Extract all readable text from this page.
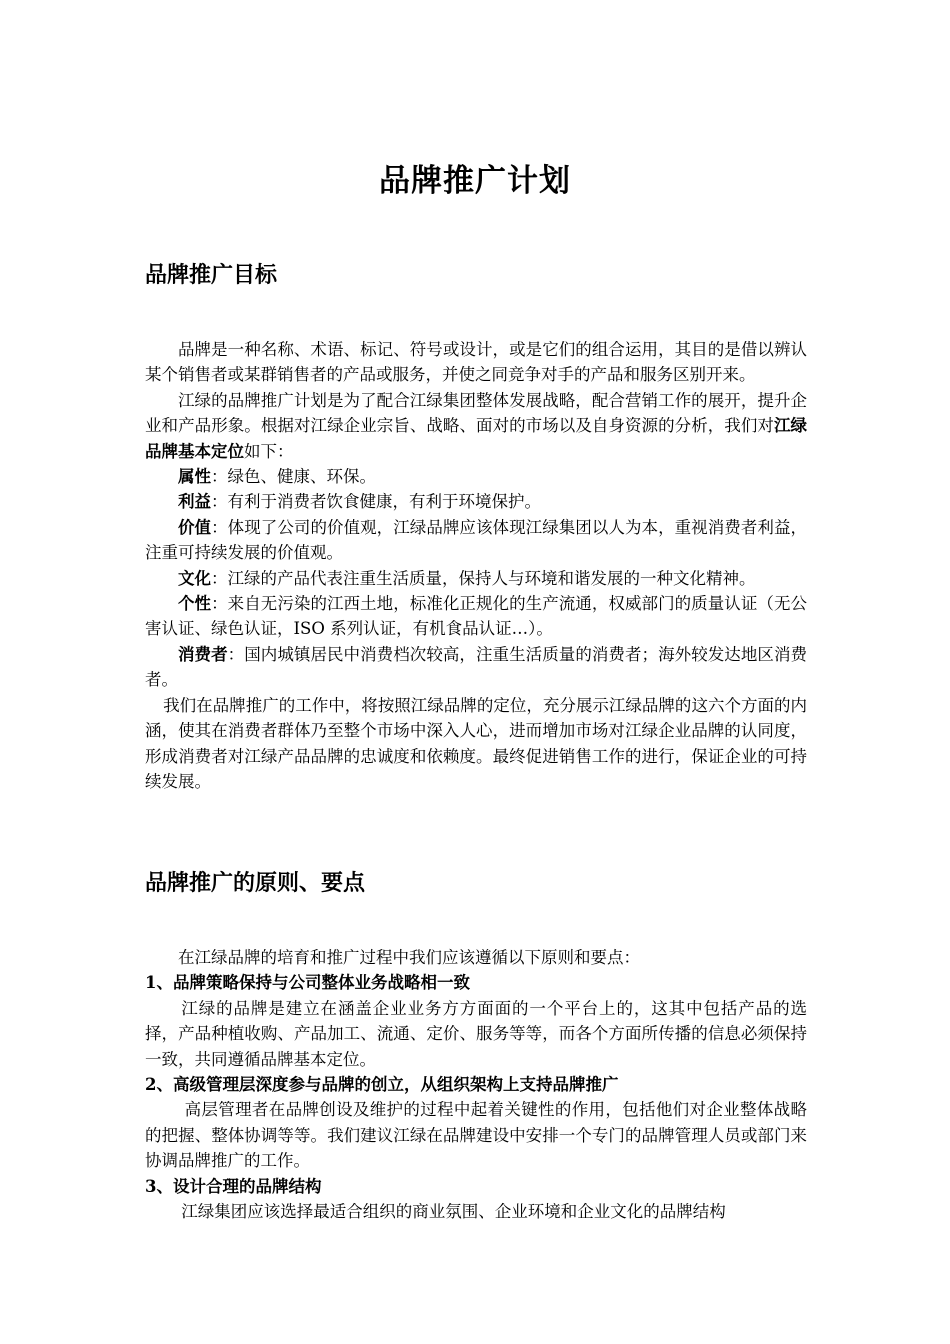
品牌推广计划
品牌推广目标

品牌是一种名称、术语、标记、符号或设计，或是它们的组合运用，其目的是借以辨认某个销售者或某群销售者的产品或服务，并使之同竞争对手的产品和服务区别开来。

江绿的品牌推广计划是为了配合江绿集团整体发展战略，配合营销工作的展开，提升企业和产品形象。根据对江绿企业宗旨、战略、面对的市场以及自身资源的分析，我们对江绿品牌基本定位如下：

属性：绿色、健康、环保。

利益：有利于消费者饮食健康，有利于环境保护。

价值：体现了公司的价值观，江绿品牌应该体现江绿集团以人为本，重视消费者利益，注重可持续发展的价值观。

文化：江绿的产品代表注重生活质量，保持人与环境和谐发展的一种文化精神。

个性：来自无污染的江西土地，标准化正规化的生产流通，权威部门的质量认证（无公害认证、绿色认证，ISO 系列认证，有机食品认证…）。

消费者：国内城镇居民中消费档次较高，注重生活质量的消费者；海外较发达地区消费者。

我们在品牌推广的工作中，将按照江绿品牌的定位，充分展示江绿品牌的这六个方面的内涵，使其在消费者群体乃至整个市场中深入人心，进而增加市场对江绿企业品牌的认同度，形成消费者对江绿产品品牌的忠诚度和依赖度。最终促进销售工作的进行，保证企业的可持续发展。

品牌推广的原则、要点

在江绿品牌的培育和推广过程中我们应该遵循以下原则和要点：

1、品牌策略保持与公司整体业务战略相一致

江绿的品牌是建立在涵盖企业业务方方面面的一个平台上的，这其中包括产品的选择，产品种植收购、产品加工、流通、定价、服务等等，而各个方面所传播的信息必须保持一致，共同遵循品牌基本定位。

2、高级管理层深度参与品牌的创立，从组织架构上支持品牌推广

高层管理者在品牌创设及维护的过程中起着关键性的作用，包括他们对企业整体战略的把握、整体协调等等。我们建议江绿在品牌建设中安排一个专门的品牌管理人员或部门来协调品牌推广的工作。

3、设计合理的品牌结构

江绿集团应该选择最适合组织的商业氛围、企业环境和企业文化的品牌结构
